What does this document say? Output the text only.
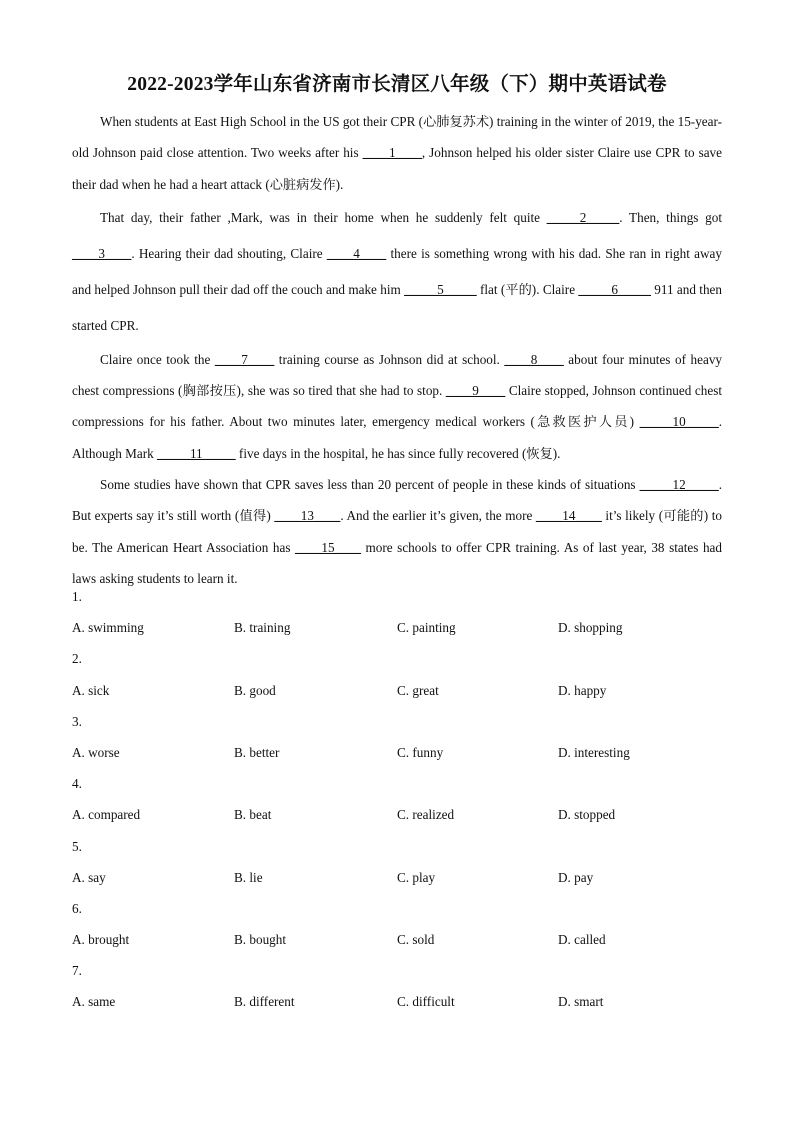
2022-2023学年山东省济南市长清区八年级（下）期中英语试卷

When students at East High School in the US got their CPR (心肺复苏术) training in the winter of 2019, the 15-year-old Johnson paid close attention. Two weeks after his ____1____, Johnson helped his older sister Claire use CPR to save their dad when he had a heart attack (心脏病发作).

That day, their father ,Mark, was in their home when he suddenly felt quite _____2_____. Then, things got ____3____. Hearing their dad shouting, Claire ____4____ there is something wrong with his dad. She ran in right away and helped Johnson pull their dad off the couch and make him _____5_____ flat (平的). Claire _____6_____ 911 and then started CPR.

Claire once took the ____7____ training course as Johnson did at school. ____8____ about four minutes of heavy chest compressions (胸部按压), she was so tired that she had to stop. ____9____ Claire stopped, Johnson continued chest compressions for his father. About two minutes later, emergency medical workers (急救医护人员) _____10_____. Although Mark _____11_____ five days in the hospital, he has since fully recovered (恢复).

Some studies have shown that CPR saves less than 20 percent of people in these kinds of situations _____12_____. But experts say it’s still worth (值得) ____13____. And the earlier it’s given, the more ____14____ it’s likely (可能的) to be. The American Heart Association has ____15____ more schools to offer CPR training. As of last year, 38 states had laws asking students to learn it.

1.
A. swimming	B. training	C. painting	D. shopping
2.
A. sick	B. good	C. great	D. happy
3.
A. worse	B. better	C. funny	D. interesting
4.
A. compared	B. beat	C. realized	D. stopped
5.
A. say	B. lie	C. play	D. pay
6.
A. brought	B. bought	C. sold	D. called
7.
A. same	B. different	C. difficult	D. smart
